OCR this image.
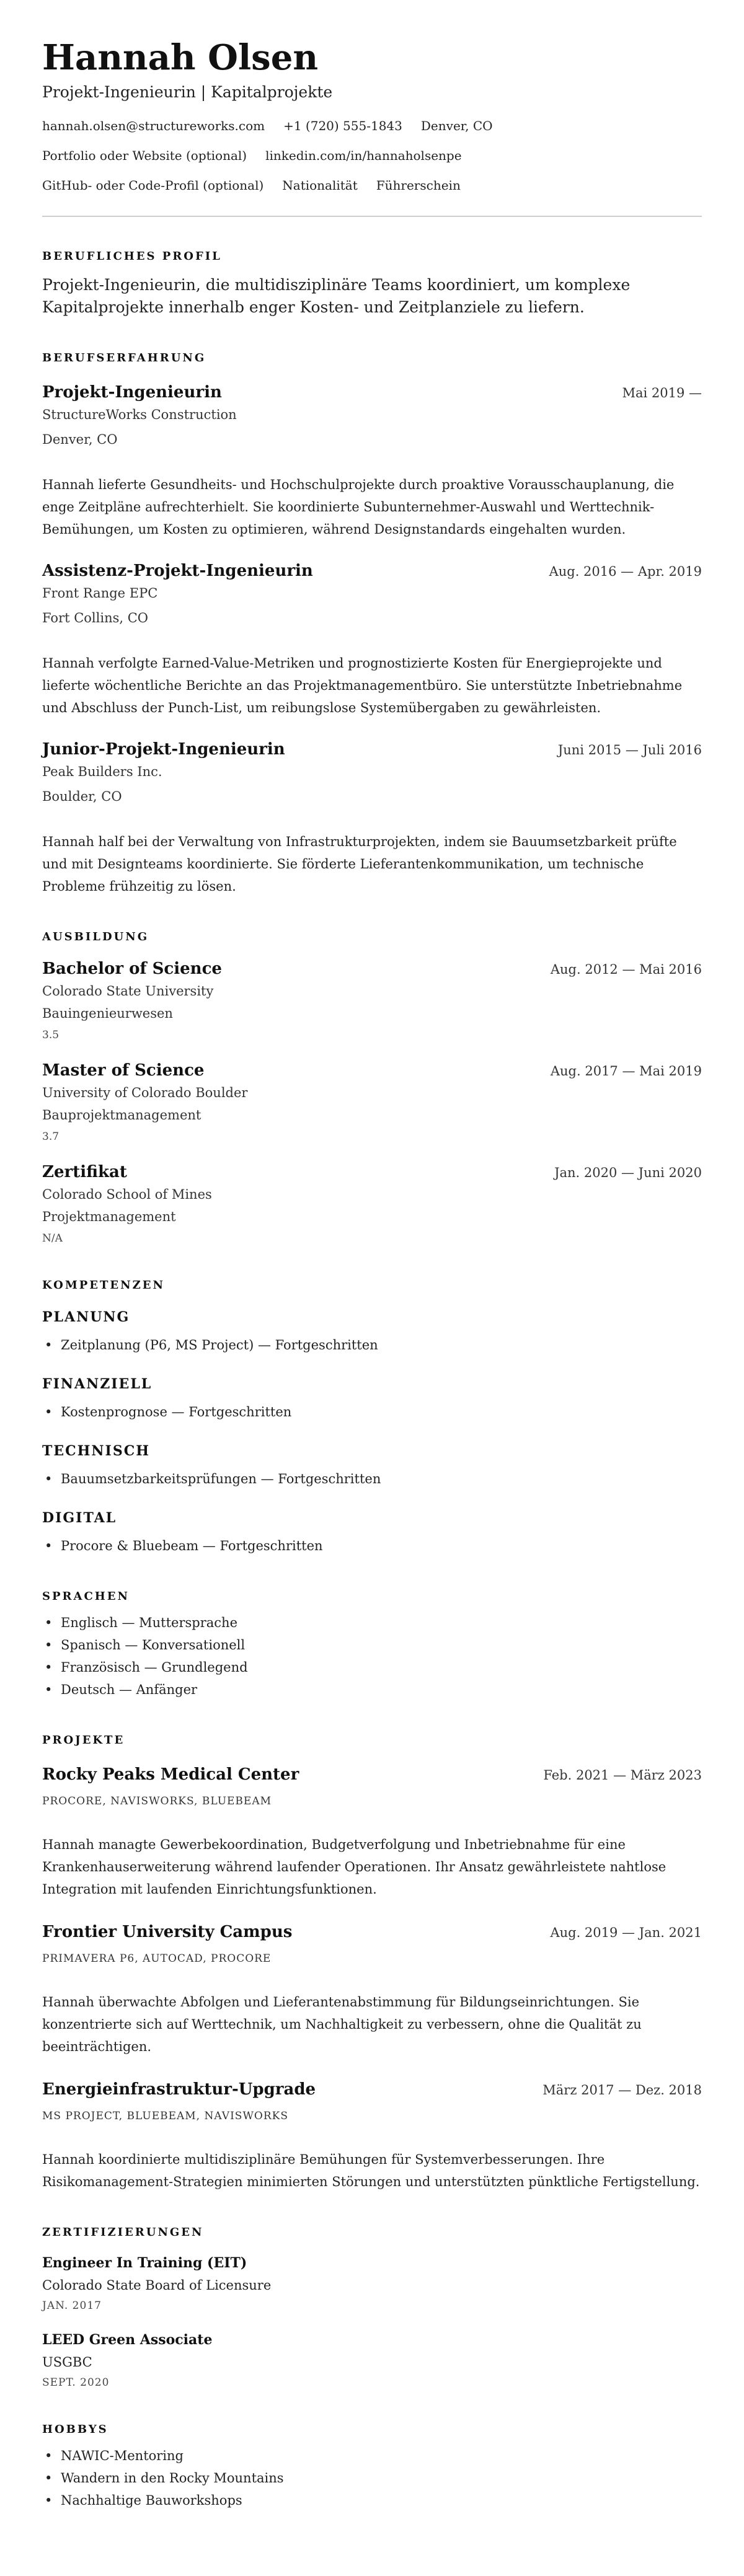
Hannah Olsen
Projekt-Ingenieurin | Kapitalprojekte
hannah.olsen@structureworks.com +1 (720) 555-1843 Denver, CO
Portfolio oder Website (optional) linkedin.com/in/hannaholsenpe
GitHub- oder Code-Profil (optional) Nationalität Führerschein
BERUFLICHES PROFIL
Projekt-Ingenieurin, die multidisziplinäre Teams koordiniert, um komplexe Kapitalprojekte innerhalb enger Kosten- und Zeitplanziele zu liefern.
BERUFSERFAHRUNG
Projekt-Ingenieurin	Mai 2019 —
StructureWorks Construction
Denver, CO
Hannah lieferte Gesundheits- und Hochschulprojekte durch proaktive Vorausschauplanung, die enge Zeitpläne aufrechterhielt. Sie koordinierte Subunternehmer-Auswahl und Werttechnik-Bemühungen, um Kosten zu optimieren, während Designstandards eingehalten wurden.
Assistenz-Projekt-Ingenieurin	Aug. 2016 — Apr. 2019
Front Range EPC
Fort Collins, CO
Hannah verfolgte Earned-Value-Metriken und prognostizierte Kosten für Energieprojekte und lieferte wöchentliche Berichte an das Projektmanagementbüro. Sie unterstützte Inbetriebnahme und Abschluss der Punch-List, um reibungslose Systemübergaben zu gewährleisten.
Junior-Projekt-Ingenieurin	Juni 2015 — Juli 2016
Peak Builders Inc.
Boulder, CO
Hannah half bei der Verwaltung von Infrastrukturprojekten, indem sie Bauumsetzbarkeit prüfte und mit Designteams koordinierte. Sie förderte Lieferantenkommunikation, um technische Probleme frühzeitig zu lösen.
AUSBILDUNG
Bachelor of Science	Aug. 2012 — Mai 2016
Colorado State University
Bauingenieurwesen
3.5
Master of Science	Aug. 2017 — Mai 2019
University of Colorado Boulder
Bauprojektmanagement
3.7
Zertifikat	Jan. 2020 — Juni 2020
Colorado School of Mines
Projektmanagement
N/A
KOMPETENZEN
PLANUNG
• Zeitplanung (P6, MS Project) — Fortgeschritten
FINANZIELL
• Kostenprognose — Fortgeschritten
TECHNISCH
• Bauumsetzbarkeitsprüfungen — Fortgeschritten
DIGITAL
• Procore & Bluebeam — Fortgeschritten
SPRACHEN
• Englisch — Muttersprache
• Spanisch — Konversationell
• Französisch — Grundlegend
• Deutsch — Anfänger
PROJEKTE
Rocky Peaks Medical Center	Feb. 2021 — März 2023
PROCORE, NAVISWORKS, BLUEBEAM
Hannah managte Gewerbekoordination, Budgetverfolgung und Inbetriebnahme für eine Krankenhauserweiterung während laufender Operationen. Ihr Ansatz gewährleistete nahtlose Integration mit laufenden Einrichtungsfunktionen.
Frontier University Campus	Aug. 2019 — Jan. 2021
PRIMAVERA P6, AUTOCAD, PROCORE
Hannah überwachte Abfolgen und Lieferantenabstimmung für Bildungseinrichtungen. Sie konzentrierte sich auf Werttechnik, um Nachhaltigkeit zu verbessern, ohne die Qualität zu beeinträchtigen.
Energieinfrastruktur-Upgrade	März 2017 — Dez. 2018
MS PROJECT, BLUEBEAM, NAVISWORKS
Hannah koordinierte multidisziplinäre Bemühungen für Systemverbesserungen. Ihre Risikomanagement-Strategien minimierten Störungen und unterstützten pünktliche Fertigstellung.
ZERTIFIZIERUNGEN
Engineer In Training (EIT)
Colorado State Board of Licensure
JAN. 2017
LEED Green Associate
USGBC
SEPT. 2020
HOBBYS
• NAWIC-Mentoring
• Wandern in den Rocky Mountains
• Nachhaltige Bauworkshops
